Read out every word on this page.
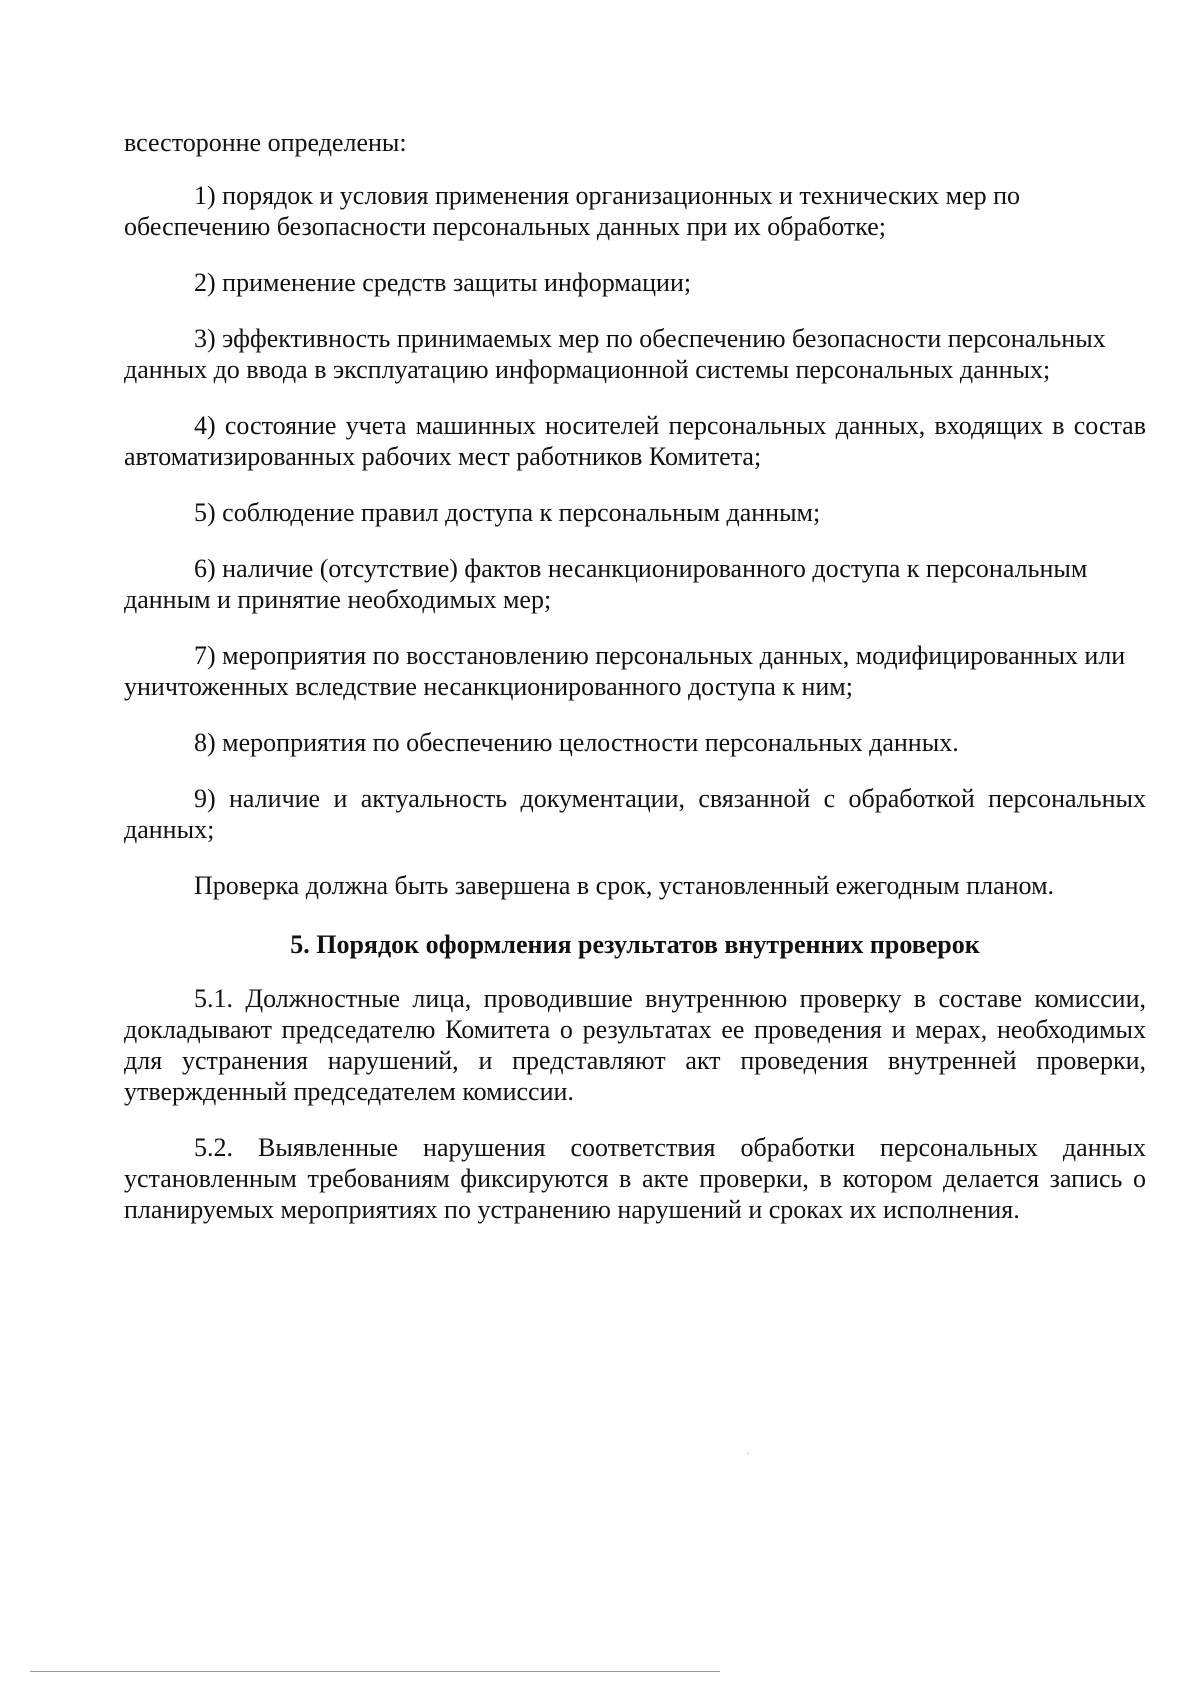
всесторонне определены:

1) порядок и условия применения организационных и технических мер по обеспечению безопасности персональных данных при их обработке;

2) применение средств защиты информации;

3) эффективность принимаемых мер по обеспечению безопасности персональных данных до ввода в эксплуатацию информационной системы персональных данных;

4) состояние учета машинных носителей персональных данных, входящих в состав автоматизированных рабочих мест работников Комитета;

5) соблюдение правил доступа к персональным данным;

6) наличие (отсутствие) фактов несанкционированного доступа к персональным данным и принятие необходимых мер;

7) мероприятия по восстановлению персональных данных, модифицированных или уничтоженных вследствие несанкционированного доступа к ним;

8) мероприятия по обеспечению целостности персональных данных.

9) наличие и актуальность документации, связанной с обработкой персональных данных;

Проверка должна быть завершена в срок, установленный ежегодным планом.

5. Порядок оформления результатов внутренних проверок

5.1. Должностные лица, проводившие внутреннюю проверку в составе комиссии, докладывают председателю Комитета о результатах ее проведения и мерах, необходимых для устранения нарушений, и представляют акт проведения внутренней проверки, утвержденный председателем комиссии.

5.2. Выявленные нарушения соответствия обработки персональных данных установленным требованиям фиксируются в акте проверки, в котором делается запись о планируемых мероприятиях по устранению нарушений и сроках их исполнения.
